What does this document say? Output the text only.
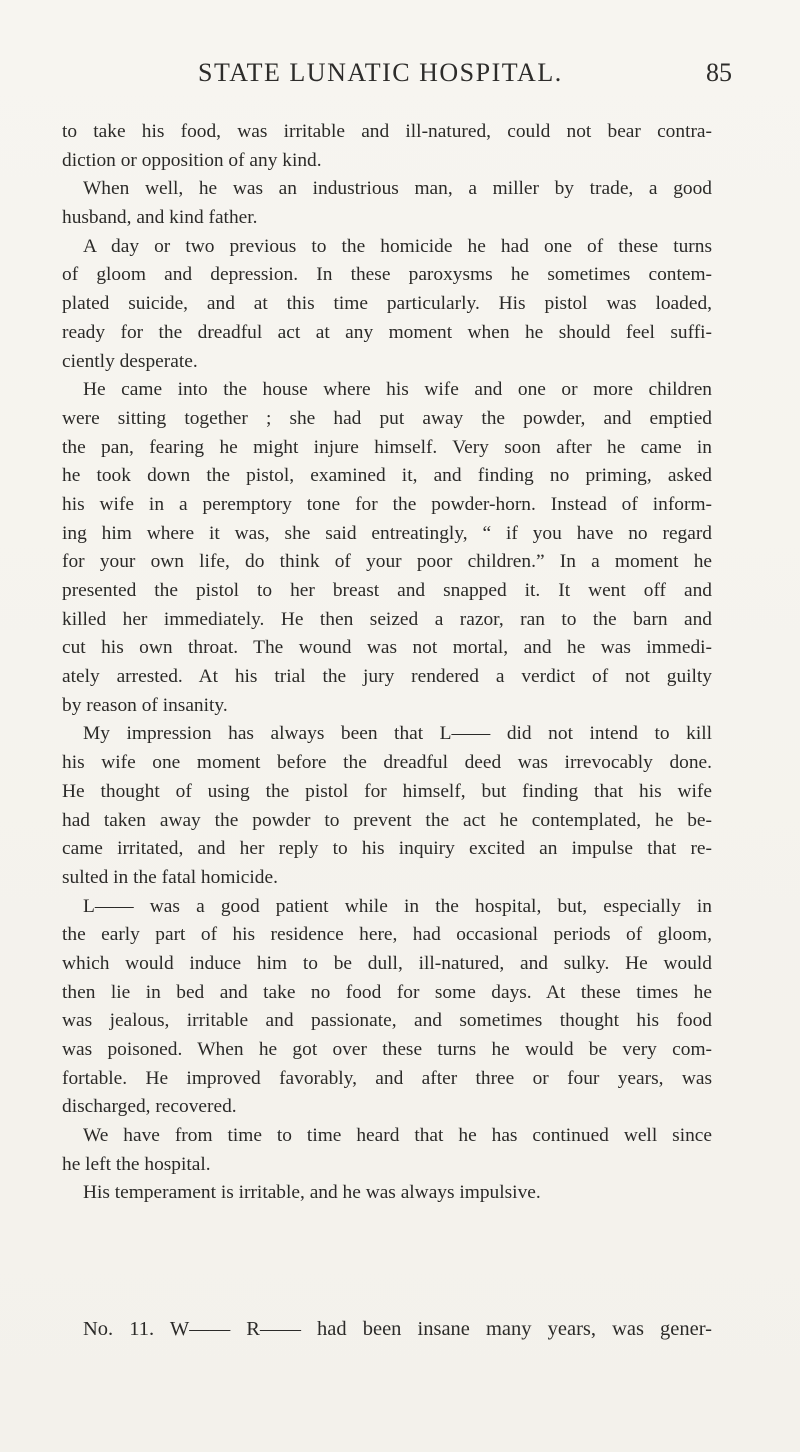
STATE LUNATIC HOSPITAL.	85
to take his food, was irritable and ill-natured, could not bear contra-
diction or opposition of any kind.
When well, he was an industrious man, a miller by trade, a good
husband, and kind father.
A day or two previous to the homicide he had one of these turns
of gloom and depression. In these paroxysms he sometimes contem-
plated suicide, and at this time particularly. His pistol was loaded,
ready for the dreadful act at any moment when he should feel suffi-
ciently desperate.
He came into the house where his wife and one or more children
were sitting together ; she had put away the powder, and emptied
the pan, fearing he might injure himself. Very soon after he came in
he took down the pistol, examined it, and finding no priming, asked
his wife in a peremptory tone for the powder-horn. Instead of inform-
ing him where it was, she said entreatingly, “ if you have no regard
for your own life, do think of your poor children.” In a moment he
presented the pistol to her breast and snapped it. It went off and
killed her immediately. He then seized a razor, ran to the barn and
cut his own throat. The wound was not mortal, and he was immedi-
ately arrested. At his trial the jury rendered a verdict of not guilty
by reason of insanity.
My impression has always been that L—— did not intend to kill
his wife one moment before the dreadful deed was irrevocably done.
He thought of using the pistol for himself, but finding that his wife
had taken away the powder to prevent the act he contemplated, he be-
came irritated, and her reply to his inquiry excited an impulse that re-
sulted in the fatal homicide.
L—— was a good patient while in the hospital, but, especially in
the early part of his residence here, had occasional periods of gloom,
which would induce him to be dull, ill-natured, and sulky. He would
then lie in bed and take no food for some days. At these times he
was jealous, irritable and passionate, and sometimes thought his food
was poisoned. When he got over these turns he would be very com-
fortable. He improved favorably, and after three or four years, was
discharged, recovered.
We have from time to time heard that he has continued well since
he left the hospital.
His temperament is irritable, and he was always impulsive.
No. 11. W—— R—— had been insane many years, was gener-
